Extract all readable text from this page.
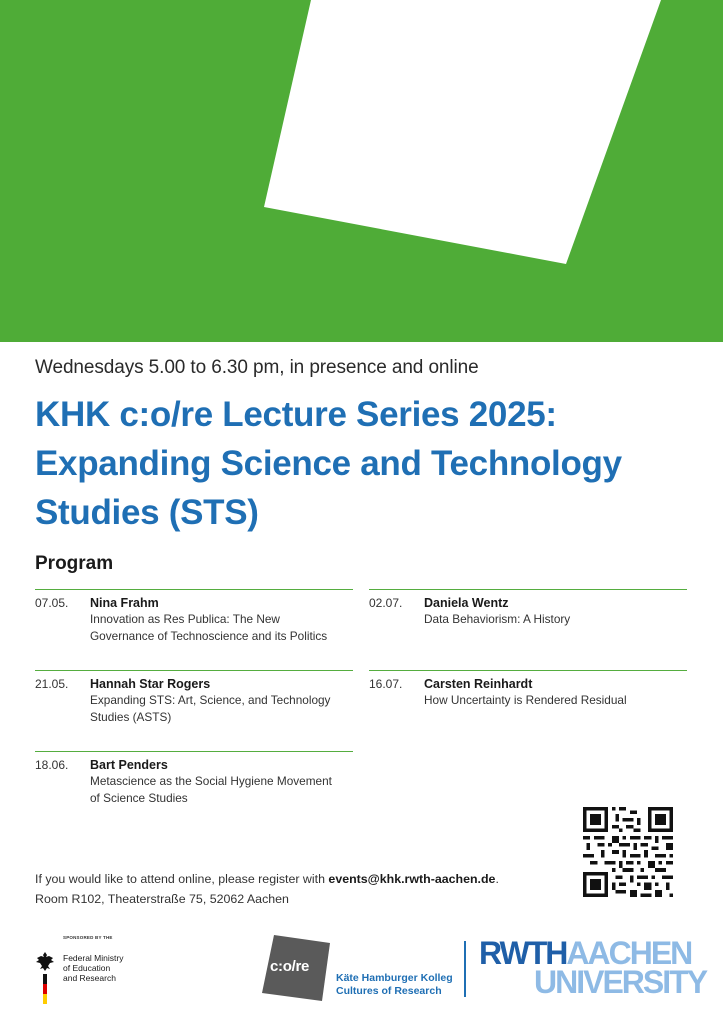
Wednesdays 5.00 to 6.30 pm, in presence and online
KHK c:o/re Lecture Series 2025:
Expanding Science and Technology
Studies (STS)
Program
07.05. Nina Frahm
Innovation as Res Publica: The New
Governance of Technoscience and its Politics
21.05. Hannah Star Rogers
Expanding STS: Art, Science, and Technology
Studies (ASTS)
18.06. Bart Penders
Metascience as the Social Hygiene Movement
of Science Studies
02.07. Daniela Wentz
Data Behaviorism: A History
16.07. Carsten Reinhardt
How Uncertainty is Rendered Residual
If you would like to attend online, please register with events@khk.rwth-aachen.de.
Room R102, Theaterstraße 75, 52062 Aachen
SPONSORED BY THE
Federal Ministry
of Education
and Research
c:o/re
Käte Hamburger Kolleg
Cultures of Research
RWTHAACHEN
UNIVERSITY
